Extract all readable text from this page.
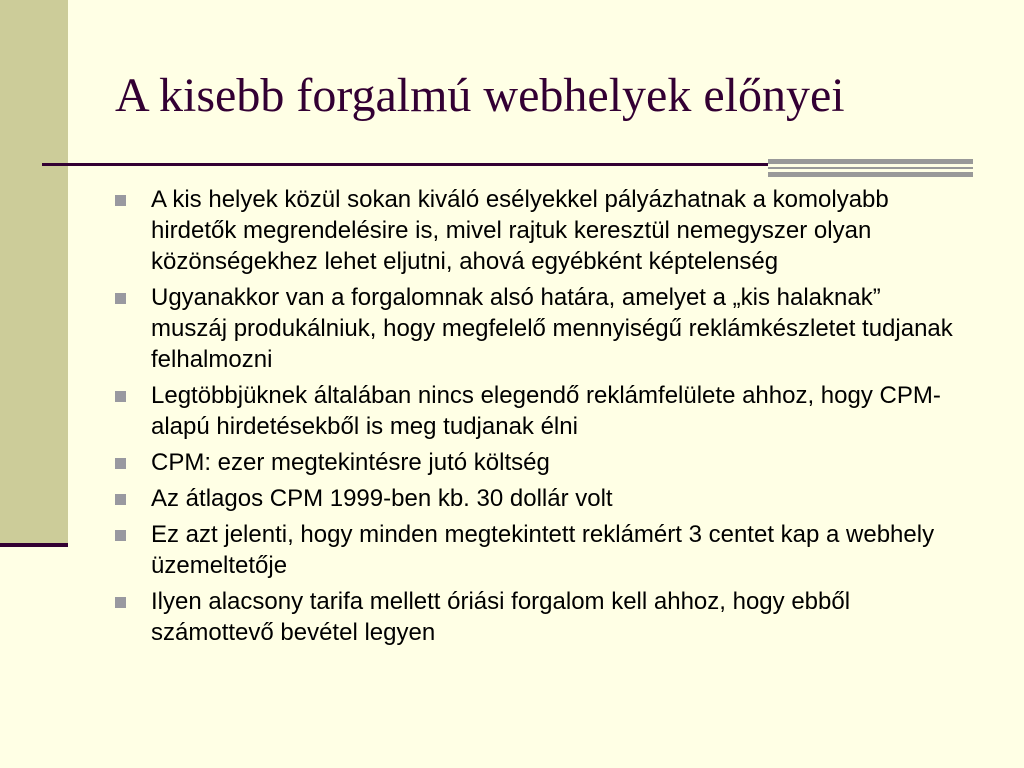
A kisebb forgalmú webhelyek előnyei
A kis helyek közül sokan kiváló esélyekkel pályázhatnak a komolyabb hirdetők megrendelésire is, mivel rajtuk keresztül nemegyszer olyan közönségekhez lehet eljutni, ahová egyébként képtelenség
Ugyanakkor van a forgalomnak alsó határa, amelyet a „kis halaknak” muszáj produkálniuk, hogy megfelelő mennyiségű reklámkészletet tudjanak felhalmozni
Legtöbbjüknek általában nincs elegendő reklámfelülete ahhoz, hogy CPM-alapú hirdetésekből is meg tudjanak élni
CPM: ezer megtekintésre jutó költség
Az átlagos CPM 1999-ben kb. 30 dollár volt
Ez azt jelenti, hogy minden megtekintett reklámért 3 centet kap a webhely üzemeltetője
Ilyen alacsony tarifa mellett óriási forgalom kell ahhoz, hogy ebből számottevő bevétel legyen
